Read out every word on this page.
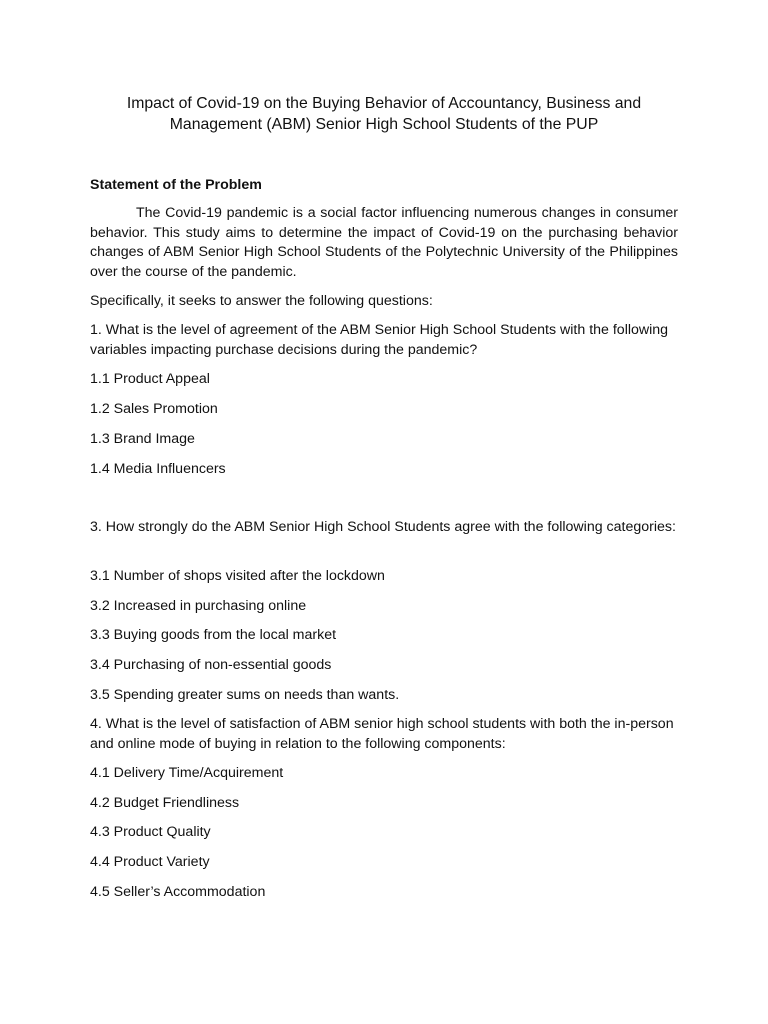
Impact of Covid-19 on the Buying Behavior of Accountancy, Business and
Management (ABM) Senior High School Students of the PUP
Statement of the Problem

The Covid-19 pandemic is a social factor influencing numerous changes in consumer behavior. This study aims to determine the impact of Covid-19 on the purchasing behavior changes of ABM Senior High School Students of the Polytechnic University of the Philippines over the course of the pandemic.

Specifically, it seeks to answer the following questions:

1. What is the level of agreement of the ABM Senior High School Students with the following variables impacting purchase decisions during the pandemic?

1.1 Product Appeal

1.2 Sales Promotion

1.3 Brand Image

1.4 Media Influencers

3. How strongly do the ABM Senior High School Students agree with the following categories:

3.1 Number of shops visited after the lockdown

3.2 Increased in purchasing online

3.3 Buying goods from the local market

3.4 Purchasing of non-essential goods

3.5 Spending greater sums on needs than wants.

4. What is the level of satisfaction of ABM senior high school students with both the in-person and online mode of buying in relation to the following components:

4.1 Delivery Time/Acquirement

4.2 Budget Friendliness

4.3 Product Quality

4.4 Product Variety

4.5 Seller’s Accommodation
